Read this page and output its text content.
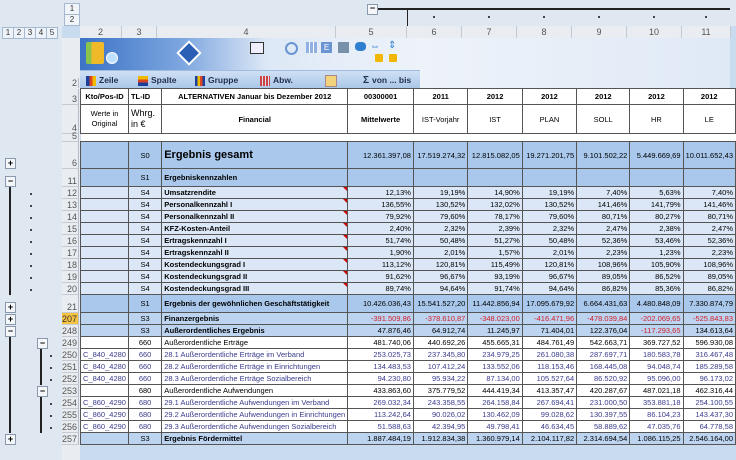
1
2
1 2 3 4 5
−
2	3	4	5	6	7	8	9	10	11
2
3
4
5
6
11
12
13
14
15
16
17
18
19
20
21
207
248
249
250
251
252
253
254
255
256
257
E	⇔ ⇕
Zeile	Spalte	Gruppe	Abw.	Σ von ... bis
Kto/Pos-ID	TL-ID	ALTERNATIVEN Januar bis Dezember 2012	00300001	2011	2012	2012	2012	2012	2012
Werte in Original	Whrg. in €	Financial	Mittelwerte	IST-Vorjahr	IST	PLAN	SOLL	HR	LE

	S0	Ergebnis gesamt	12.361.397,08	17.519.274,32	12.815.082,05	19.271.201,75	9.101.502,22	5.449.669,69	10.011.652,43
	S1	Ergebniskennzahlen							
	S4	Umsatzrendite	12,13%	19,19%	14,90%	19,19%	7,40%	5,63%	7,40%
	S4	Personalkennzahl I	136,55%	130,52%	132,02%	130,52%	141,46%	141,79%	141,46%
	S4	Personalkennzahl II	79,92%	79,60%	78,17%	79,60%	80,71%	80,27%	80,71%
	S4	KFZ-Kosten-Anteil	2,40%	2,32%	2,39%	2,32%	2,47%	2,38%	2,47%
	S4	Ertragskennzahl I	51,74%	50,48%	51,27%	50,48%	52,36%	53,46%	52,36%
	S4	Ertragskennzahl II	1,90%	2,01%	1,57%	2,01%	2,23%	1,23%	2,23%
	S4	Kostendeckungsgrad I	113,12%	120,81%	115,49%	120,81%	108,96%	105,90%	108,96%
	S4	Kostendeckungsgrad II	91,62%	96,67%	93,19%	96,67%	89,05%	86,52%	89,05%
	S4	Kostendeckungsgrad III	89,74%	94,64%	91,74%	94,64%	86,82%	85,36%	86,82%
	S1	Ergebnis der gewöhnlichen Geschäftstätigkeit	10.426.036,43	15.541.527,20	11.442.856,94	17.095.679,92	6.664.431,63	4.480.848,09	7.330.874,79
	S3	Finanzergebnis	-391.509,86	-378.610,87	-348.023,00	-416.471,96	-478.039,84	-202.069,65	-525.843,83
	S3	Außerordentliches Ergebnis	47.876,46	64.912,74	11.245,97	71.404,01	122.376,04	-117.293,65	134.613,64
	660	Außerordentliche Erträge	481.740,06	440.692,26	455.665,31	484.761,49	542.663,71	369.727,52	596.930,08
C_840_4280	660	28.1 Außerordentliche Erträge im Verband	253.025,73	237.345,80	234.979,25	261.080,38	287.697,71	180.583,78	316.467,48
C_840_4280	660	28.2 Außerordentliche Erträge in Einrichtungen	134.483,53	107.412,24	133.552,06	118.153,46	168.445,08	94.048,74	185.289,58
C_840_4280	660	28.3 Außerordentliche Erträge Sozialbereich	94.230,80	95.934,22	87.134,00	105.527,64	86.520,92	95.096,00	96.173,02
	680	Außerordentliche Aufwendungen	433.863,60	375.779,52	444.419,34	413.357,47	420.287,67	487.021,18	462.316,44
C_860_4290	680	29.1 Außerordentliche Aufwendungen im Verband	269.032,34	243.358,55	264.158,84	267.694,41	231.000,50	353.881,18	254.100,55
C_860_4290	680	29.2 Außerordentliche Aufwendungen in Einrichtungen	113.242,64	90.026,02	130.462,09	99.028,62	130.397,55	86.104,23	143.437,30
C_860_4290	680	29.3 Außerordentliche Aufwendungen Sozialbereich	51.588,63	42.394,95	49.798,41	46.634,45	58.889,62	47.035,76	64.778,58
	S3	Ergebnis Fördermittel	1.887.484,19	1.912.834,38	1.360.979,14	2.104.117,82	2.314.694,54	1.086.115,25	2.546.164,00
+
−
+
+
−
−
−
+
